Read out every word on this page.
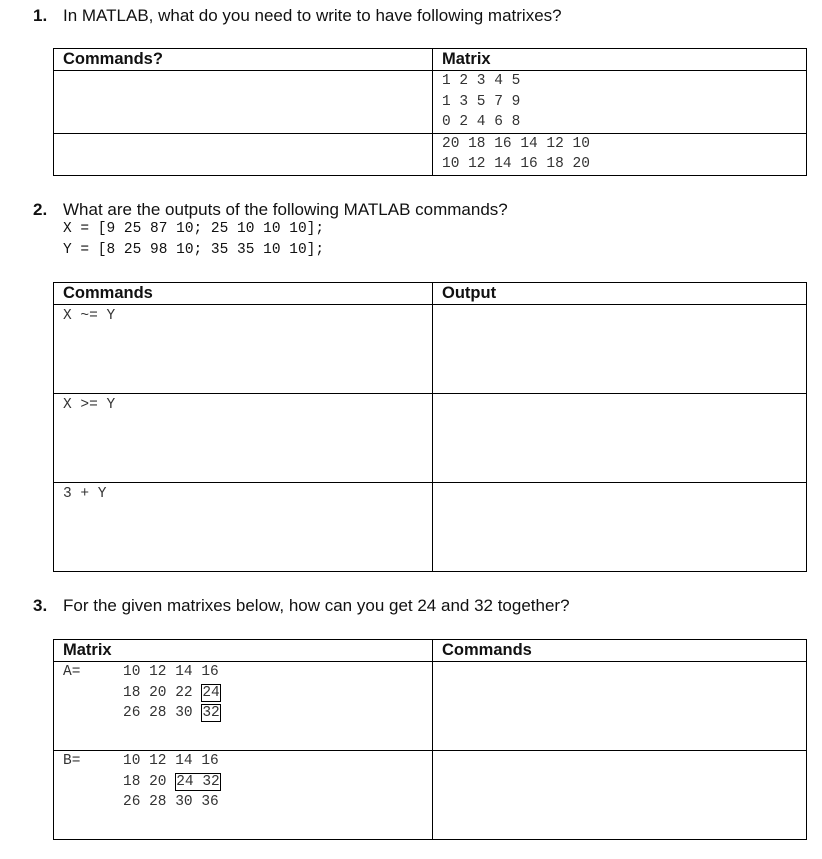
1. In MATLAB, what do you need to write to have following matrixes?
Commands?	Matrix

	1 2 3 4 5
1 3 5 7 9
0 2 4 6 8

	20 18 16 14 12 10
10 12 14 16 18 20
2. What are the outputs of the following MATLAB commands?
X = [9 25 87 10; 25 10 10 10];
Y = [8 25 98 10; 35 35 10 10];
Commands	Output
X ~= Y	
X >= Y	
3 + Y	
3. For the given matrixes below, how can you get 24 and 32 together?
Matrix	Commands

A= 10 12 14 16
18 20 22 24
26 28 30 32	

B= 10 12 14 16
18 20 24 32
26 28 30 36	
